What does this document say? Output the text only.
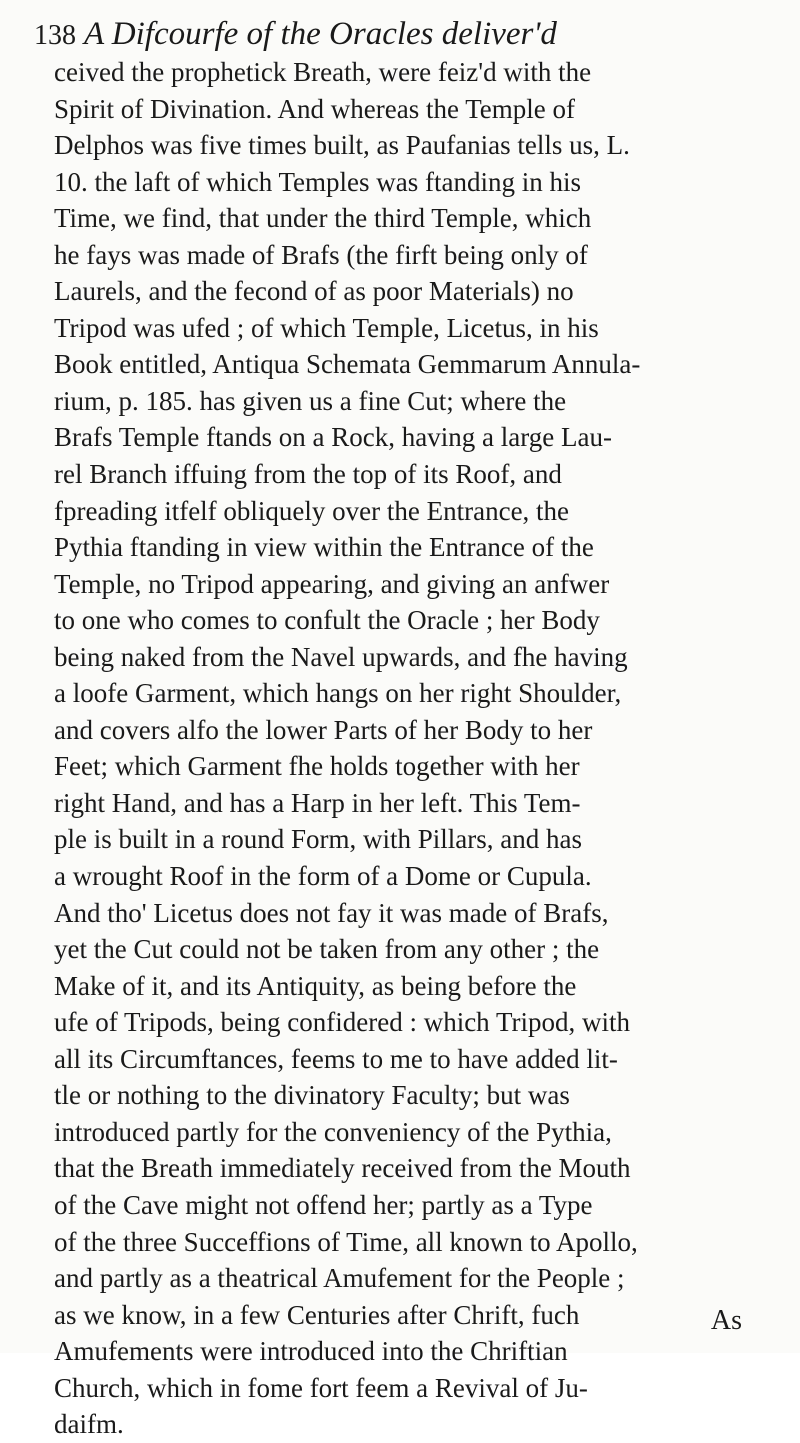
138 A Difcourfe of the Oracles deliver'd
ceived the prophetick Breath, were feiz'd with the
Spirit of Divination. And whereas the Temple of
Delphos was five times built, as Paufanias tells us, L.
10. the laft of which Temples was ftanding in his
Time, we find, that under the third Temple, which
he fays was made of Brafs (the firft being only of
Laurels, and the fecond of as poor Materials) no
Tripod was ufed ; of which Temple, Licetus, in his
Book entitled, Antiqua Schemata Gemmarum Annula-
rium, p. 185. has given us a fine Cut; where the
Brafs Temple ftands on a Rock, having a large Lau-
rel Branch iffuing from the top of its Roof, and
fpreading itfelf obliquely over the Entrance, the
Pythia ftanding in view within the Entrance of the
Temple, no Tripod appearing, and giving an anfwer
to one who comes to confult the Oracle ; her Body
being naked from the Navel upwards, and fhe having
a loofe Garment, which hangs on her right Shoulder,
and covers alfo the lower Parts of her Body to her
Feet; which Garment fhe holds together with her
right Hand, and has a Harp in her left. This Tem-
ple is built in a round Form, with Pillars, and has
a wrought Roof in the form of a Dome or Cupula.
And tho' Licetus does not fay it was made of Brafs,
yet the Cut could not be taken from any other ; the
Make of it, and its Antiquity, as being before the
ufe of Tripods, being confidered : which Tripod, with
all its Circumftances, feems to me to have added lit-
tle or nothing to the divinatory Faculty; but was
introduced partly for the conveniency of the Pythia,
that the Breath immediately received from the Mouth
of the Cave might not offend her; partly as a Type
of the three Succeffions of Time, all known to Apollo,
and partly as a theatrical Amufement for the People ;
as we know, in a few Centuries after Chrift, fuch
Amufements were introduced into the Chriftian
Church, which in fome fort feem a Revival of Ju-
daifm.
As
